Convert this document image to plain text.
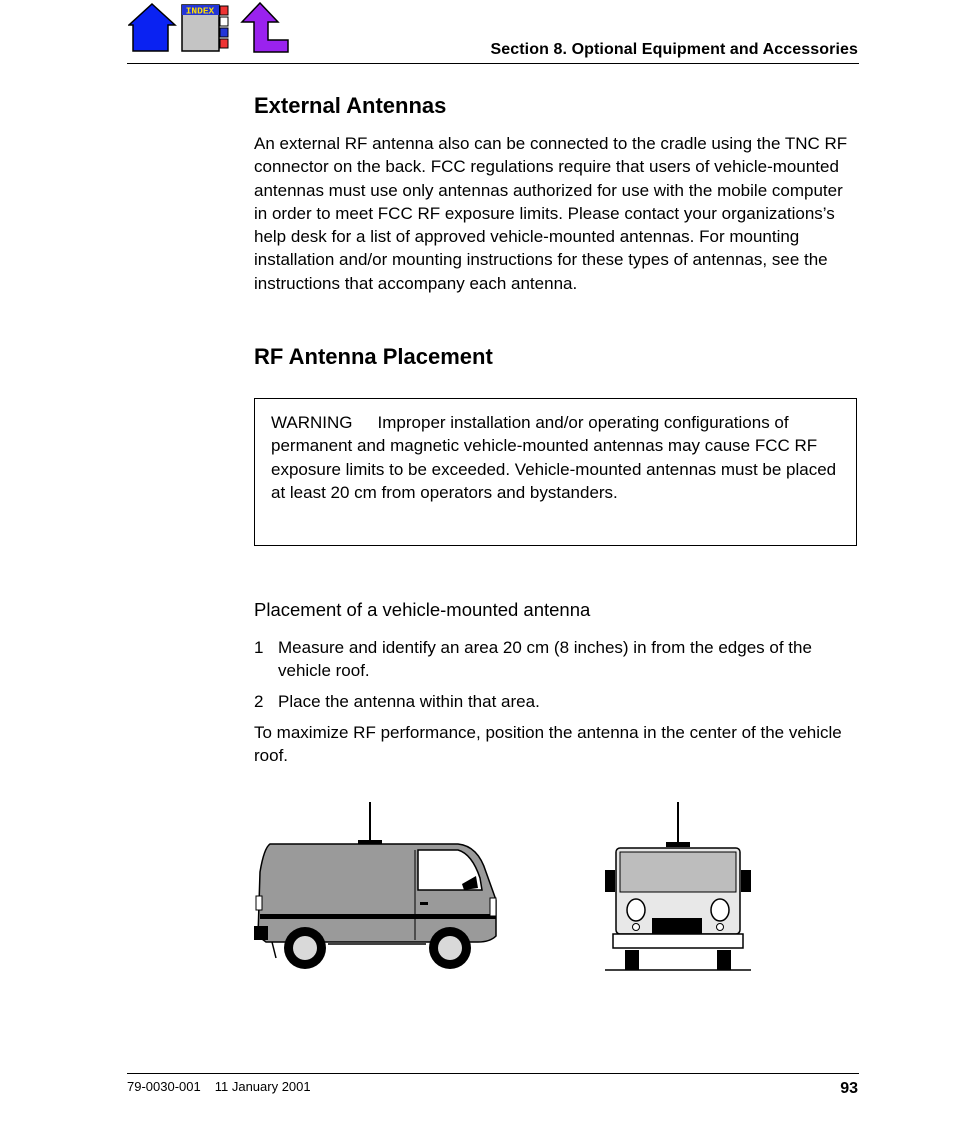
INDEX
Section 8. Optional Equipment and Accessories
External Antennas

An external RF antenna also can be connected to the cradle using the TNC RF connector on the back. FCC regulations require that users of vehicle-mounted antennas must use only antennas authorized for use with the mobile computer in order to meet FCC RF exposure limits. Please contact your organizations’s help desk for a list of approved vehicle-mounted antennas. For mounting installation and/or mounting instructions for these types of antennas, see the instructions that accompany each antenna.

RF Antenna Placement
WARNING Improper installation and/or operating configurations of permanent and magnetic vehicle-mounted antennas may cause FCC RF exposure limits to be exceeded. Vehicle-mounted antennas must be placed at least 20 cm from operators and bystanders.
Placement of a vehicle-mounted antenna
1 Measure and identify an area 20 cm (8 inches) in from the edges of the vehicle roof.
2 Place the antenna within that area.

To maximize RF performance, position the antenna in the center of the vehicle roof.

79-0030-001 11 January 2001	93
